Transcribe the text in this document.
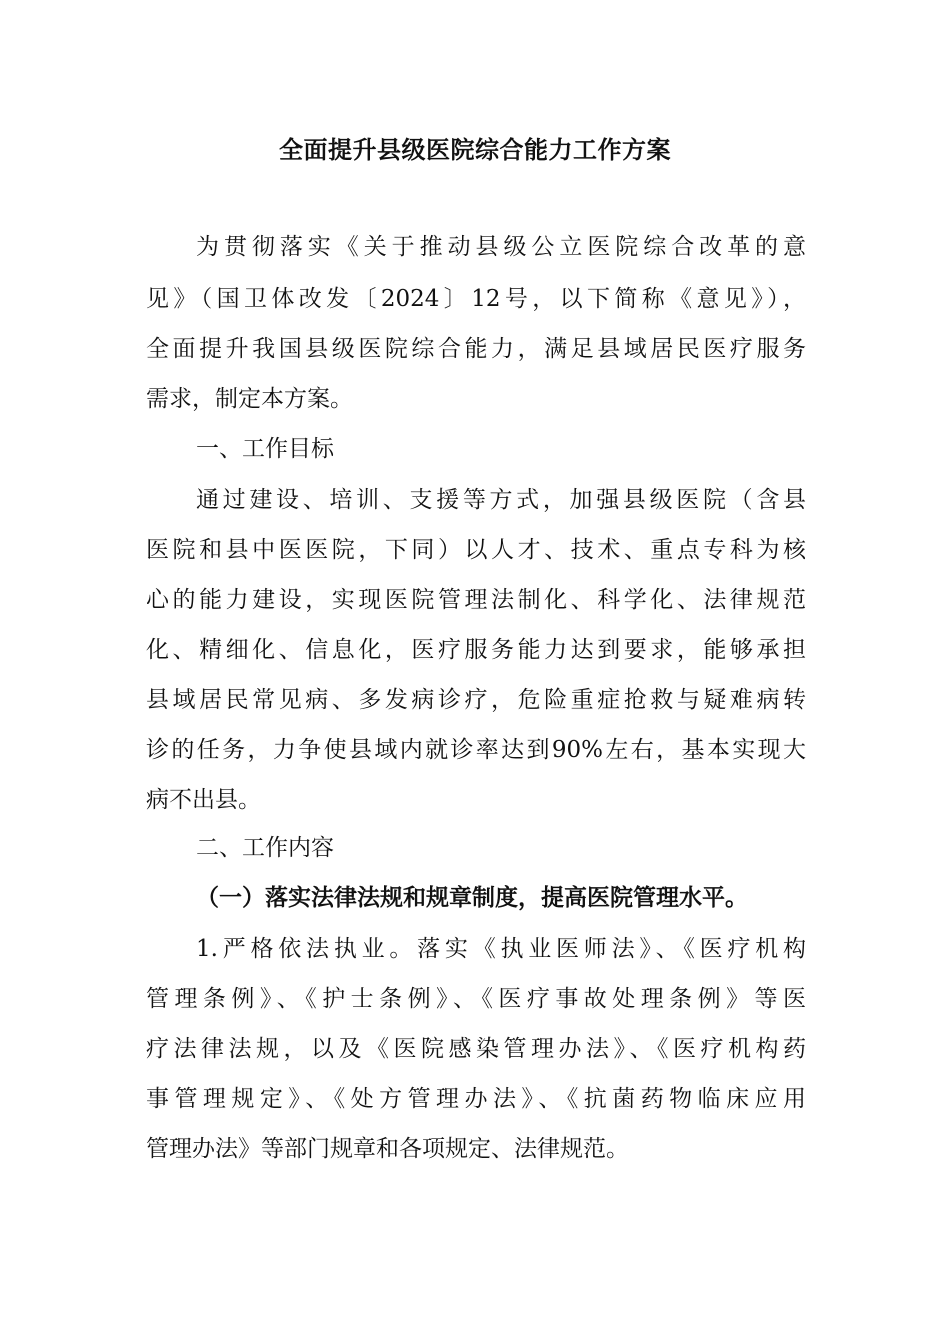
全面提升县级医院综合能力工作方案
为贯彻落实《关于推动县级公立医院综合改革的意
见》（国卫体改发〔2024〕12号，以下简称《意见》），
全面提升我国县级医院综合能力，满足县域居民医疗服务
需求，制定本方案。
一、工作目标
通过建设、培训、支援等方式，加强县级医院（含县
医院和县中医医院，下同）以人才、技术、重点专科为核
心的能力建设，实现医院管理法制化、科学化、法律规范
化、精细化、信息化，医疗服务能力达到要求，能够承担
县域居民常见病、多发病诊疗，危险重症抢救与疑难病转
诊的任务，力争使县域内就诊率达到90%左右，基本实现大
病不出县。
二、工作内容
（一）落实法律法规和规章制度，提高医院管理水平。
1.严格依法执业。落实《执业医师法》、《医疗机构
管理条例》、《护士条例》、《医疗事故处理条例》等医
疗法律法规，以及《医院感染管理办法》、《医疗机构药
事管理规定》、《处方管理办法》、《抗菌药物临床应用
管理办法》等部门规章和各项规定、法律规范。
